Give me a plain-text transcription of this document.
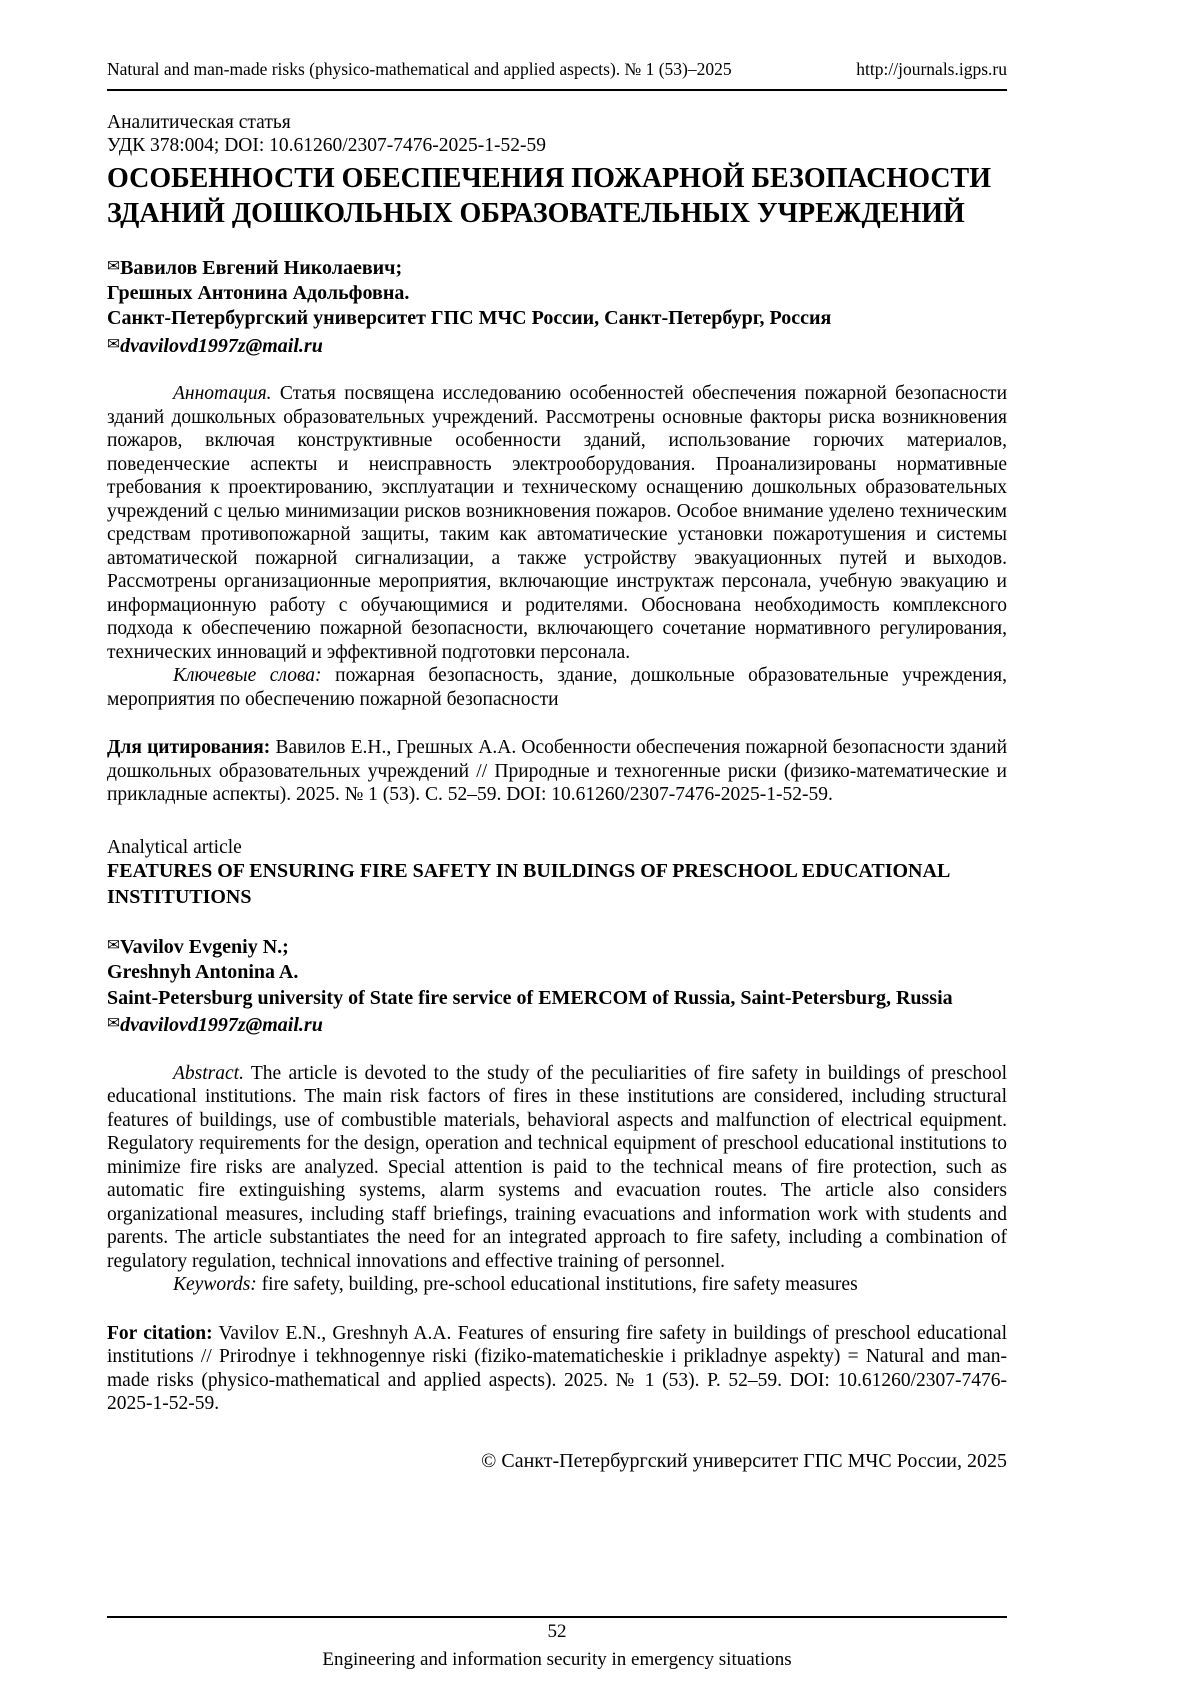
Natural and man-made risks (physico-mathematical and applied aspects). № 1 (53)–2025	http://journals.igps.ru

Аналитическая статья

УДК 378:004; DOI: 10.61260/2307-7476-2025-1-52-59

ОСОБЕННОСТИ ОБЕСПЕЧЕНИЯ ПОЖАРНОЙ БЕЗОПАСНОСТИ ЗДАНИЙ ДОШКОЛЬНЫХ ОБРАЗОВАТЕЛЬНЫХ УЧРЕЖДЕНИЙ

✉Вавилов Евгений Николаевич;

Грешных Антонина Адольфовна.

Санкт-Петербургский университет ГПС МЧС России, Санкт-Петербург, Россия

✉dvavilovd1997z@mail.ru

Аннотация. Статья посвящена исследованию особенностей обеспечения пожарной безопасности зданий дошкольных образовательных учреждений. Рассмотрены основные факторы риска возникновения пожаров, включая конструктивные особенности зданий, использование горючих материалов, поведенческие аспекты и неисправность электрооборудования. Проанализированы нормативные требования к проектированию, эксплуатации и техническому оснащению дошкольных образовательных учреждений с целью минимизации рисков возникновения пожаров. Особое внимание уделено техническим средствам противопожарной защиты, таким как автоматические установки пожаротушения и системы автоматической пожарной сигнализации, а также устройству эвакуационных путей и выходов. Рассмотрены организационные мероприятия, включающие инструктаж персонала, учебную эвакуацию и информационную работу с обучающимися и родителями. Обоснована необходимость комплексного подхода к обеспечению пожарной безопасности, включающего сочетание нормативного регулирования, технических инноваций и эффективной подготовки персонала.

Ключевые слова: пожарная безопасность, здание, дошкольные образовательные учреждения, мероприятия по обеспечению пожарной безопасности

Для цитирования: Вавилов Е.Н., Грешных А.А. Особенности обеспечения пожарной безопасности зданий дошкольных образовательных учреждений // Природные и техногенные риски (физико-математические и прикладные аспекты). 2025. № 1 (53). С. 52–59. DOI: 10.61260/2307-7476-2025-1-52-59.

Analytical article

FEATURES OF ENSURING FIRE SAFETY IN BUILDINGS OF PRESCHOOL EDUCATIONAL INSTITUTIONS

✉Vavilov Evgeniy N.;

Greshnyh Antonina A.

Saint-Petersburg university of State fire service of EMERCOM of Russia, Saint-Petersburg, Russia

✉dvavilovd1997z@mail.ru

Abstract. The article is devoted to the study of the peculiarities of fire safety in buildings of preschool educational institutions. The main risk factors of fires in these institutions are considered, including structural features of buildings, use of combustible materials, behavioral aspects and malfunction of electrical equipment. Regulatory requirements for the design, operation and technical equipment of preschool educational institutions to minimize fire risks are analyzed. Special attention is paid to the technical means of fire protection, such as automatic fire extinguishing systems, alarm systems and evacuation routes. The article also considers organizational measures, including staff briefings, training evacuations and information work with students and parents. The article substantiates the need for an integrated approach to fire safety, including a combination of regulatory regulation, technical innovations and effective training of personnel.

Keywords: fire safety, building, pre-school educational institutions, fire safety measures

For citation: Vavilov E.N., Greshnyh A.A. Features of ensuring fire safety in buildings of preschool educational institutions // Prirodnye i tekhnogennye riski (fiziko-matematicheskie i prikladnye aspekty) = Natural and man-made risks (physico-mathematical and applied aspects). 2025. № 1 (53). P. 52–59. DOI: 10.61260/2307-7476-2025-1-52-59.

© Санкт-Петербургский университет ГПС МЧС России, 2025

52
Engineering and information security in emergency situations
